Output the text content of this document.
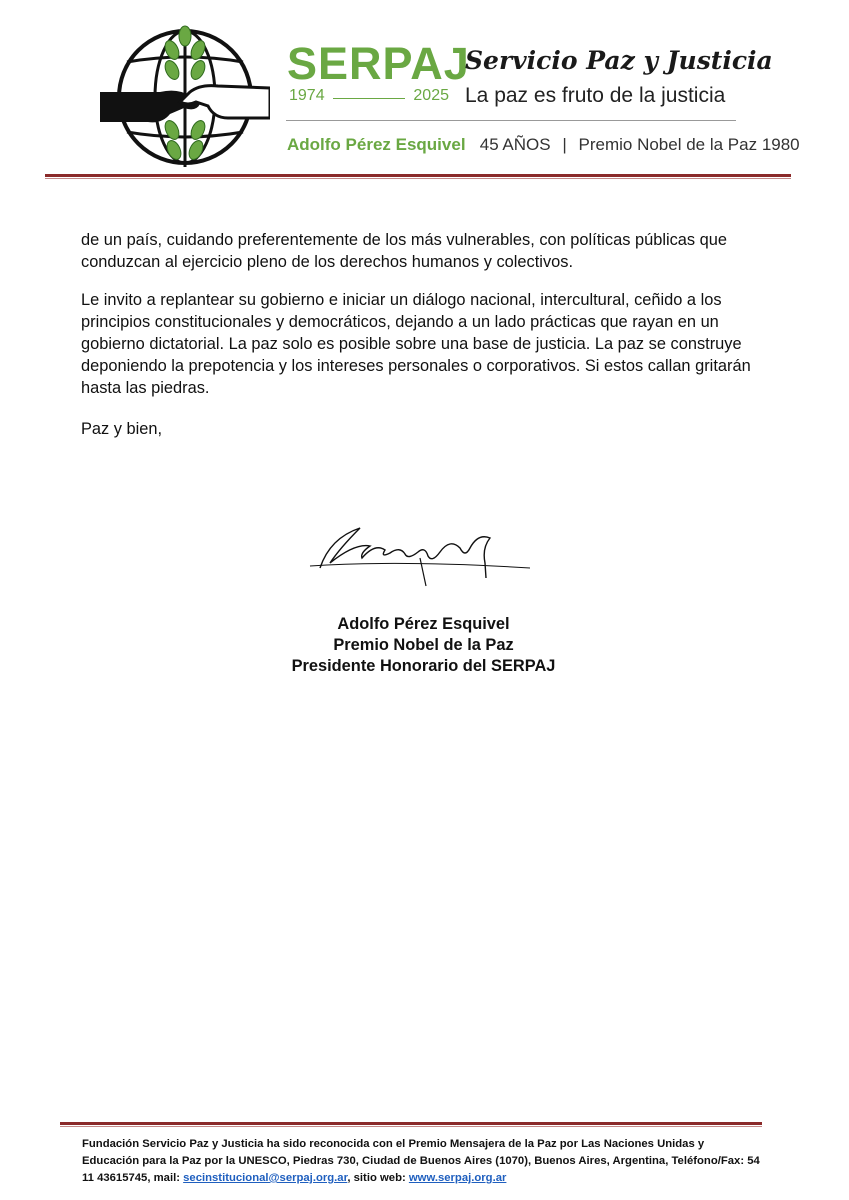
SERPAJ
Servicio Paz y Justicia
1974	2025 La paz es fruto de la justicia
Adolfo Pérez Esquivel 45 AÑOS | Premio Nobel de la Paz 1980

de un país, cuidando preferentemente de los más vulnerables, con políticas públicas que conduzcan al ejercicio pleno de los derechos humanos y colectivos.

Le invito a replantear su gobierno e iniciar un diálogo nacional, intercultural, ceñido a los principios constitucionales y democráticos, dejando a un lado prácticas que rayan en un gobierno dictatorial. La paz solo es posible sobre una base de justicia. La paz se construye deponiendo la prepotencia y los intereses personales o corporativos. Si estos callan gritarán hasta las piedras.

Paz y bien,
Adolfo Pérez Esquivel
Premio Nobel de la Paz
Presidente Honorario del SERPAJ
Fundación Servicio Paz y Justicia ha sido reconocida con el Premio Mensajera de la Paz por Las Naciones Unidas y Educación para la Paz por la UNESCO, Piedras 730, Ciudad de Buenos Aires (1070), Buenos Aires, Argentina, Teléfono/Fax: 54 11 43615745, mail: secinstitucional@serpaj.org.ar, sitio web: www.serpaj.org.ar
